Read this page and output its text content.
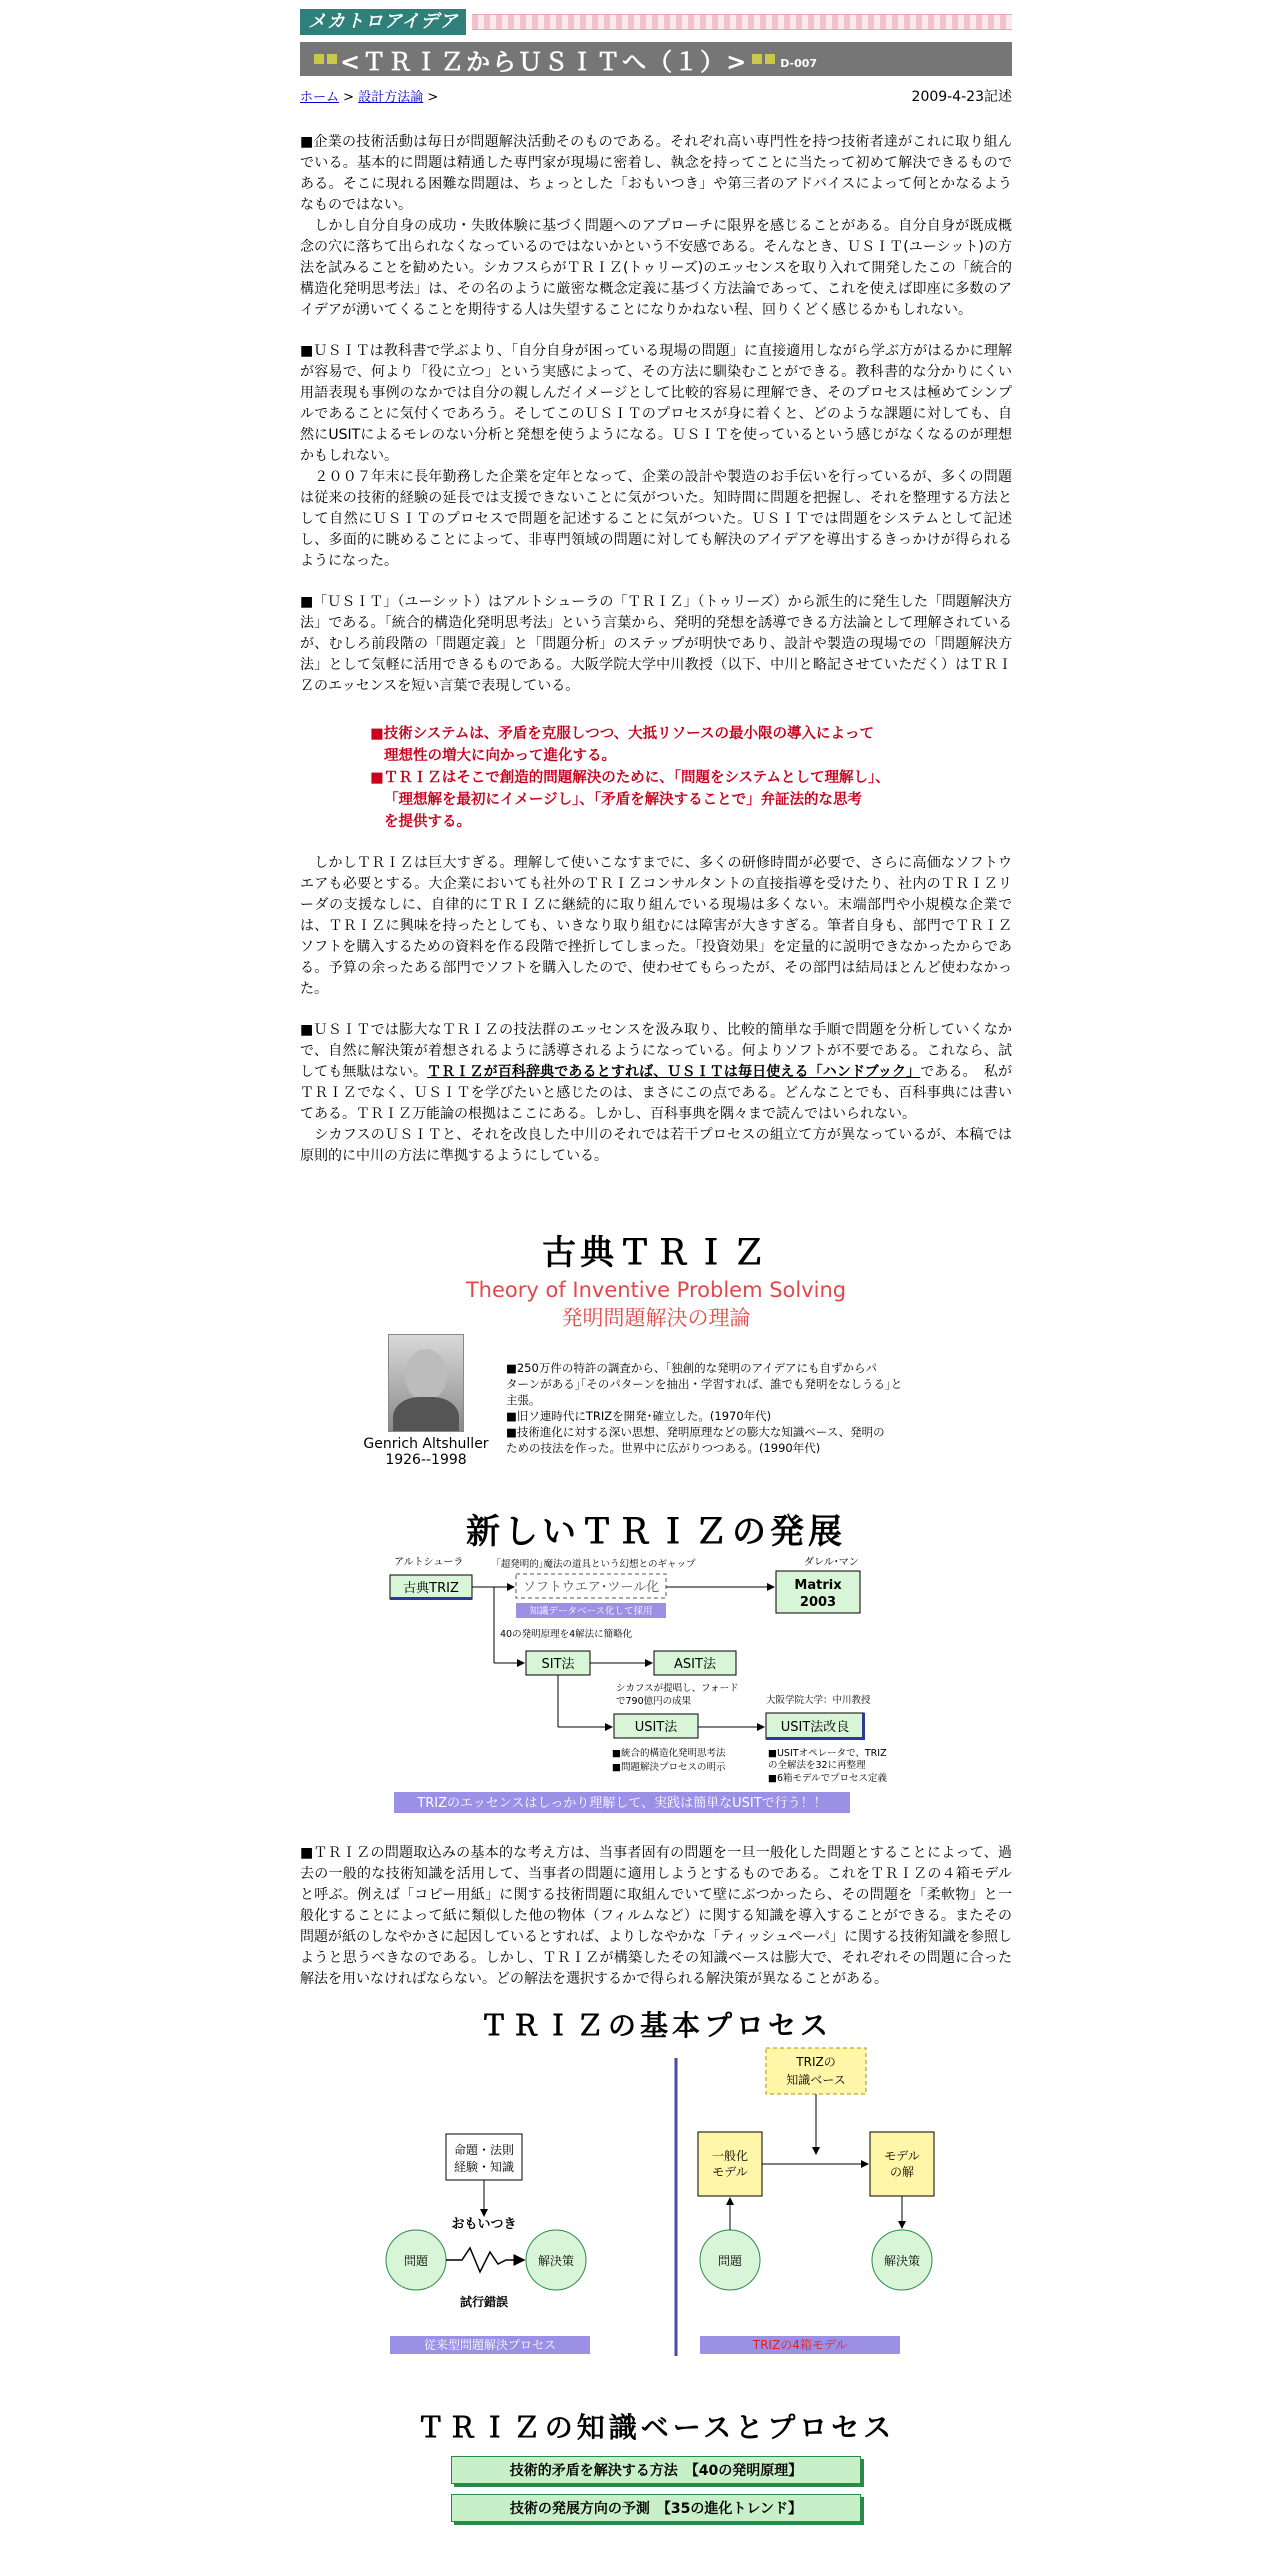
メカトロアイデア
<ＴＲＩＺからＵＳＩＴへ（１）>	D-007
ホーム > 設計方法論 >	2009-4-23記述

■企業の技術活動は毎日が問題解決活動そのものである。それぞれ高い専門性を持つ技術者達がこれに取り組んでいる。基本的に問題は精通した専門家が現場に密着し、執念を持ってことに当たって初めて解決できるものである。そこに現れる困難な問題は、ちょっとした「おもいつき」や第三者のアドバイスによって何とかなるようなものではない。

　しかし自分自身の成功・失敗体験に基づく問題へのアプローチに限界を感じることがある。自分自身が既成概念の穴に落ちて出られなくなっているのではないかという不安感である。そんなとき、ＵＳＩＴ(ユーシット)の方法を試みることを勧めたい。シカフスらがＴＲＩＺ(トゥリーズ)のエッセンスを取り入れて開発したこの「統合的構造化発明思考法」は、その名のように厳密な概念定義に基づく方法論であって、これを使えば即座に多数のアイデアが湧いてくることを期待する人は失望することになりかねない程、回りくどく感じるかもしれない。

■ＵＳＩＴは教科書で学ぶより、「自分自身が困っている現場の問題」に直接適用しながら学ぶ方がはるかに理解が容易で、何より「役に立つ」という実感によって、その方法に馴染むことができる。教科書的な分かりにくい用語表現も事例のなかでは自分の親しんだイメージとして比較的容易に理解でき、そのプロセスは極めてシンプルであることに気付くであろう。そしてこのＵＳＩＴのプロセスが身に着くと、どのような課題に対しても、自然にUSITによるモレのない分析と発想を使うようになる。ＵＳＩＴを使っているという感じがなくなるのが理想かもしれない。

　２００７年末に長年勤務した企業を定年となって、企業の設計や製造のお手伝いを行っているが、多くの問題は従来の技術的経験の延長では支援できないことに気がついた。知時間に問題を把握し、それを整理する方法として自然にＵＳＩＴのプロセスで問題を記述することに気がついた。ＵＳＩＴでは問題をシステムとして記述し、多面的に眺めることによって、非専門領域の問題に対しても解決のアイデアを導出するきっかけが得られるようになった。

■「ＵＳＩＴ」（ユーシット）はアルトシューラの「ＴＲＩＺ」（トゥリーズ）から派生的に発生した「問題解決方法」である。「統合的構造化発明思考法」という言葉から、発明的発想を誘導できる方法論として理解されているが、むしろ前段階の「問題定義」と「問題分析」のステップが明快であり、設計や製造の現場での「問題解決方法」として気軽に活用できるものである。大阪学院大学中川教授（以下、中川と略記させていただく）はＴＲＩＺのエッセンスを短い言葉で表現している。

■技術システムは、矛盾を克服しつつ、大抵リソースの最小限の導入によって
理想性の増大に向かって進化する。
■ＴＲＩＺはそこで創造的問題解決のために、「問題をシステムとして理解し」、
「理想解を最初にイメージし」、「矛盾を解決することで」弁証法的な思考
を提供する。

　しかしＴＲＩＺは巨大すぎる。理解して使いこなすまでに、多くの研修時間が必要で、さらに高価なソフトウエアも必要とする。大企業においても社外のＴＲＩＺコンサルタントの直接指導を受けたり、社内のＴＲＩＺリーダの支援なしに、自律的にＴＲＩＺに継続的に取り組んでいる現場は多くない。末端部門や小規模な企業では、ＴＲＩＺに興味を持ったとしても、いきなり取り組むには障害が大きすぎる。筆者自身も、部門でＴＲＩＺソフトを購入するための資料を作る段階で挫折してしまった。「投資効果」を定量的に説明できなかったからである。予算の余ったある部門でソフトを購入したので、使わせてもらったが、その部門は結局ほとんど使わなかった。

■ＵＳＩＴでは膨大なＴＲＩＺの技法群のエッセンスを汲み取り、比較的簡単な手順で問題を分析していくなかで、自然に解決策が着想されるように誘導されるようになっている。何よりソフトが不要である。これなら、試しても無駄はない。ＴＲＩＺが百科辞典であるとすれば、ＵＳＩＴは毎日使える「ハンドブック」である。　私がＴＲＩＺでなく、ＵＳＩＴを学びたいと感じたのは、まさにこの点である。どんなことでも、百科事典には書いてある。ＴＲＩＺ万能論の根拠はここにある。しかし、百科事典を隅々まで読んではいられない。

　シカフスのＵＳＩＴと、それを改良した中川のそれでは若干プロセスの組立て方が異なっているが、本稿では原則的に中川の方法に準拠するようにしている。

古典ＴＲＩＺ
Theory of Inventive Problem Solving
発明問題解決の理論
Genrich Altshuller
1926--1998
■250万件の特許の調査から、｢独創的な発明のアイデアにも自ずからパ
ターンがある｣｢そのパターンを抽出・学習すれば、誰でも発明をなしうる｣と
主張。
■旧ソ連時代にTRIZを開発･確立した。(1970年代)
■技術進化に対する深い思想、発明原理などの膨大な知識ベース、発明の
ための技法を作った。世界中に広がりつつある。(1990年代)
新しいＴＲＩＺの発展
アルトシューラ
古典TRIZ
｢超発明的｣魔法の道具という幻想とのギャップ
ソフトウエア･ツール化
知識データベース化して採用
ダレル･マン
Matrix
2003
40の発明原理を4解法に簡略化
SIT法	ASIT法
シカフスが提唱し、フォード
で790億円の成果
USIT法
大阪学院大学：中川教授
USIT法改良
■統合的構造化発明思考法
■問題解決プロセスの明示
■USITオペレータで、TRIZ
の全解法を32に再整理
■6箱モデルでプロセス定義
TRIZのエッセンスはしっかり理解して、実践は簡単なUSITで行う！！

■ＴＲＩＺの問題取込みの基本的な考え方は、当事者固有の問題を一旦一般化した問題とすることによって、過去の一般的な技術知識を活用して、当事者の問題に適用しようとするものである。これをＴＲＩＺの４箱モデルと呼ぶ。例えば「コピー用紙」に関する技術問題に取組んでいて壁にぶつかったら、その問題を「柔軟物」と一般化することによって紙に類似した他の物体（フィルムなど）に関する知識を導入することができる。またその問題が紙のしなやかさに起因しているとすれば、よりしなやかな「ティッシュペーパ」に関する技術知識を参照しようと思うべきなのである。しかし、ＴＲＩＺが構築したその知識ベースは膨大で、それぞれその問題に合った解法を用いなければならない。どの解法を選択するかで得られる解決策が異なることがある。

ＴＲＩＺの基本プロセス
命題・法則
経験・知識
おもいつき
問題	解決策
試行錯誤
従来型問題解決プロセス
TRIZの
知識ベース
一般化
モデル
モデル
の解
問題	解決策
TRIZの4箱モデル
ＴＲＩＺの知識ベースとプロセス
技術的矛盾を解決する方法　【40の発明原理】
技術の発展方向の予測　【35の進化トレンド】
